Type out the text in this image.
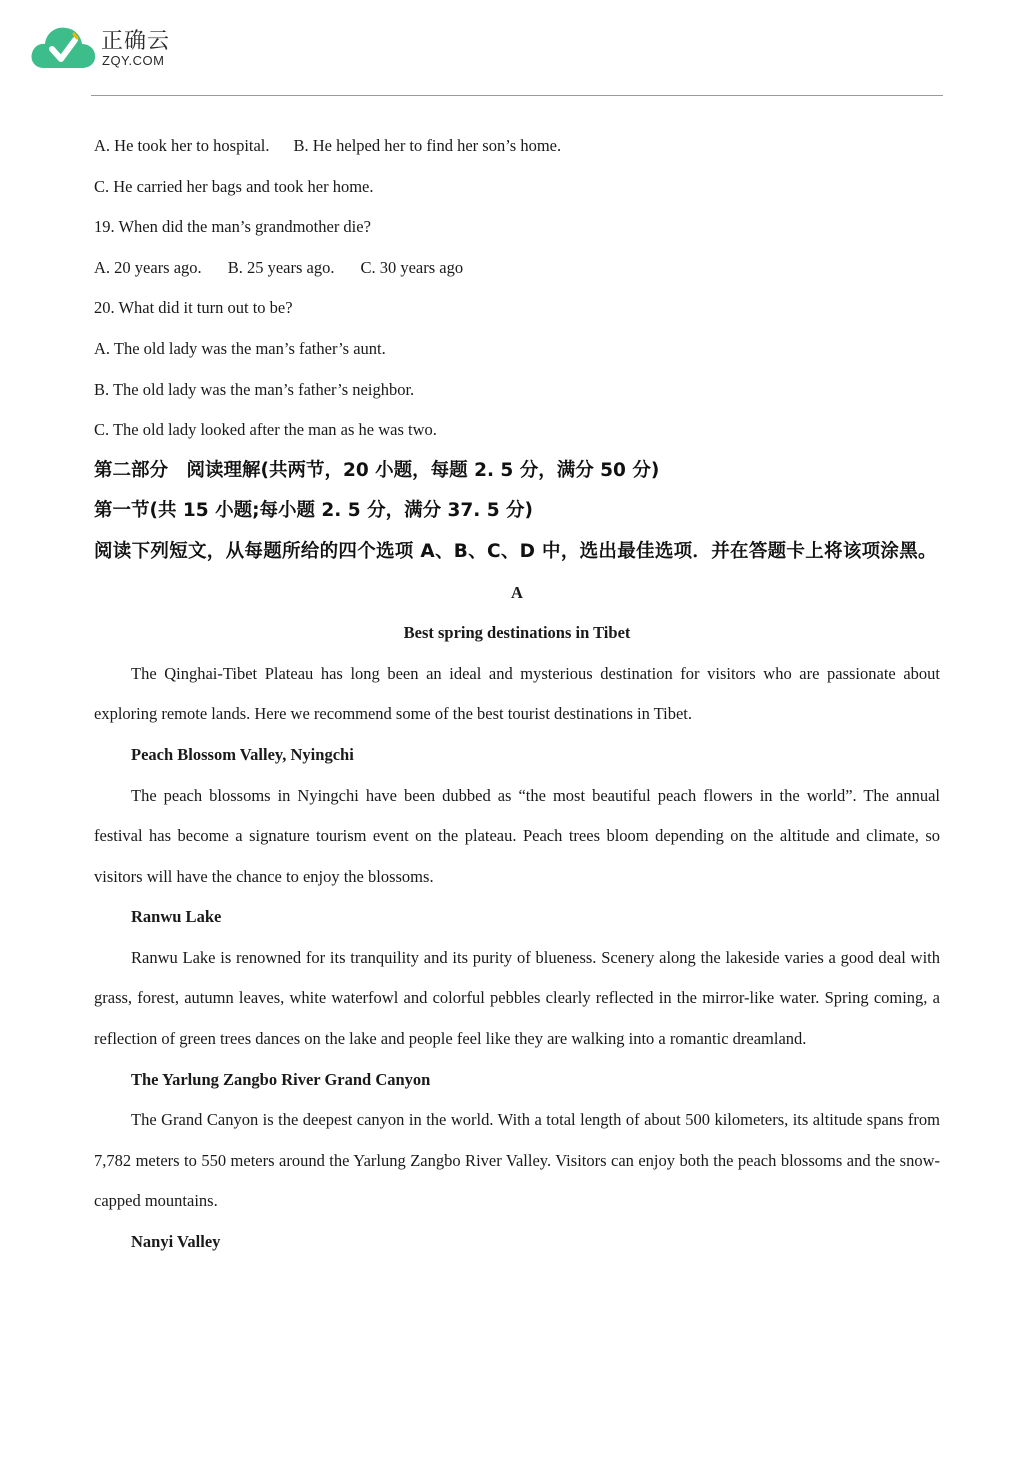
正确云
ZQY.COM
A. He took her to hospital. B. He helped her to find her son’s home.
C. He carried her bags and took her home.
19. When did the man’s grandmother die?
A. 20 years ago. B. 25 years ago. C. 30 years ago
20. What did it turn out to be?
A. The old lady was the man’s father’s aunt.
B. The old lady was the man’s father’s neighbor.
C. The old lady looked after the man as he was two.
第二部分　阅读理解(共两节，20 小题，每题 2. 5 分，满分 50 分)
第一节(共 15 小题;每小题 2. 5 分，满分 37. 5 分)
阅读下列短文，从每题所给的四个选项 A、B、C、D 中，选出最佳选项．并在答题卡上将该项涂黑。
A
Best spring destinations in Tibet

The Qinghai-Tibet Plateau has long been an ideal and mysterious destination for visitors who are passionate about exploring remote lands. Here we recommend some of the best tourist destinations in Tibet.

Peach Blossom Valley, Nyingchi

The peach blossoms in Nyingchi have been dubbed as “the most beautiful peach flowers in the world”. The annual festival has become a signature tourism event on the plateau. Peach trees bloom depending on the altitude and climate, so visitors will have the chance to enjoy the blossoms.

Ranwu Lake

Ranwu Lake is renowned for its tranquility and its purity of blueness. Scenery along the lakeside varies a good deal with grass, forest, autumn leaves, white waterfowl and colorful pebbles clearly reflected in the mirror-like water. Spring coming, a reflection of green trees dances on the lake and people feel like they are walking into a romantic dreamland.

The Yarlung Zangbo River Grand Canyon

The Grand Canyon is the deepest canyon in the world. With a total length of about 500 kilometers, its altitude spans from 7,782 meters to 550 meters around the Yarlung Zangbo River Valley. Visitors can enjoy both the peach blossoms and the snow-capped mountains.

Nanyi Valley
